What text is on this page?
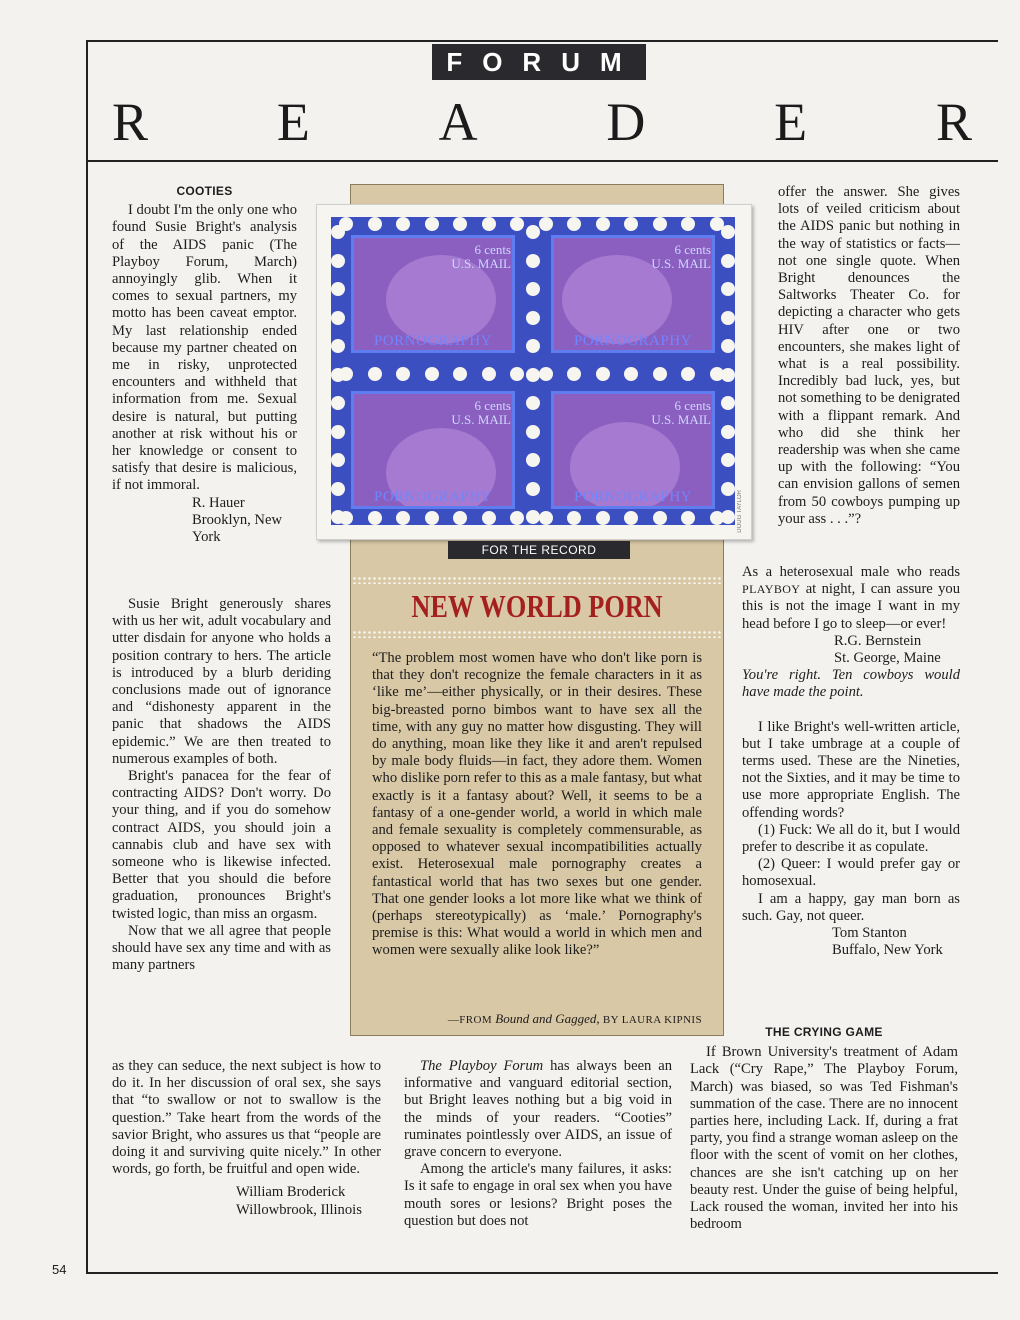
FORUM
R E A D E R
COOTIES

I doubt I'm the only one who found Susie Bright's analysis of the AIDS panic (The Playboy Forum, March) annoyingly glib. When it comes to sexual partners, my motto has been caveat emptor. My last relationship ended because my partner cheated on me in risky, unprotected encounters and withheld that information from me. Sexual desire is natural, but putting another at risk without his or her knowledge or consent to satisfy that desire is malicious, if not immoral.

R. Hauer
Brooklyn, New York

Susie Bright generously shares with us her wit, adult vocabulary and utter disdain for anyone who holds a position contrary to hers. The article is introduced by a blurb deriding conclusions made out of ignorance and “dishonesty apparent in the panic that shadows the AIDS epidemic.” We are then treated to numerous examples of both.

Bright's panacea for the fear of contracting AIDS? Don't worry. Do your thing, and if you do somehow contract AIDS, you should join a cannabis club and have sex with someone who is likewise infected. Better that you should die before graduation, pronounces Bright's twisted logic, than miss an orgasm.

Now that we all agree that people should have sex any time and with as many partners

as they can seduce, the next subject is how to do it. In her discussion of oral sex, she says that “to swallow or not to swallow is the question.” Take heart from the words of the savior Bright, who assures us that “people are doing it and surviving quite nicely.” In other words, go forth, be fruitful and open wide.

William Broderick
Willowbrook, Illinois
6 cents
U.S. MAIL
PORNOGRAPHY
6 cents
U.S. MAIL
PORNOGRAPHY
6 cents
U.S. MAIL
PORNOGRAPHY
6 cents
U.S. MAIL
PORNOGRAPHY	DOUG TAYLOR
FOR THE RECORD
NEW WORLD PORN

“The problem most women have who don't like porn is that they don't recognize the female characters in it as ‘like me’—either physically, or in their desires. These big-breasted porno bimbos want to have sex all the time, with any guy no matter how disgusting. They will do anything, moan like they like it and aren't repulsed by male body fluids—in fact, they adore them. Women who dislike porn refer to this as a male fantasy, but what exactly is it a fantasy about? Well, it seems to be a fantasy of a one-gender world, a world in which male and female sexuality is completely commensurable, as opposed to whatever sexual incompatibilities actually exist. Heterosexual male pornography creates a fantastical world that has two sexes but one gender. That one gender looks a lot more like what we think of (perhaps stereotypically) as ‘male.’ Pornography's premise is this: What would a world in which men and women were sexually alike look like?”

—FROM Bound and Gagged, BY LAURA KIPNIS

The Playboy Forum has always been an informative and vanguard editorial section, but Bright leaves nothing but a big void in the minds of your readers. “Cooties” ruminates pointlessly over AIDS, an issue of grave concern to everyone.

Among the article's many failures, it asks: Is it safe to engage in oral sex when you have mouth sores or lesions? Bright poses the question but does not

offer the answer. She gives lots of veiled criticism about the AIDS panic but nothing in the way of statistics or facts—not one single quote. When Bright denounces the Saltworks Theater Co. for depicting a character who gets HIV after one or two encounters, she makes light of what is a real possibility. Incredibly bad luck, yes, but not something to be denigrated with a flippant remark. And who did she think her readership was when she came up with the following: “You can envision gallons of semen from 50 cowboys pumping up your ass . . .”?

As a heterosexual male who reads PLAYBOY at night, I can assure you this is not the image I want in my head before I go to sleep—or ever!

R.G. Bernstein
St. George, Maine

You're right. Ten cowboys would have made the point.

I like Bright's well-written article, but I take umbrage at a couple of terms used. These are the Nineties, not the Sixties, and it may be time to use more appropriate English. The offending words?

(1) Fuck: We all do it, but I would prefer to describe it as copulate.

(2) Queer: I would prefer gay or homosexual.

I am a happy, gay man born as such. Gay, not queer.

Tom Stanton
Buffalo, New York
THE CRYING GAME

If Brown University's treatment of Adam Lack (“Cry Rape,” The Playboy Forum, March) was biased, so was Ted Fishman's summation of the case. There are no innocent parties here, including Lack. If, during a frat party, you find a strange woman asleep on the floor with the scent of vomit on her clothes, chances are she isn't catching up on her beauty rest. Under the guise of being helpful, Lack roused the woman, invited her into his bedroom

54
